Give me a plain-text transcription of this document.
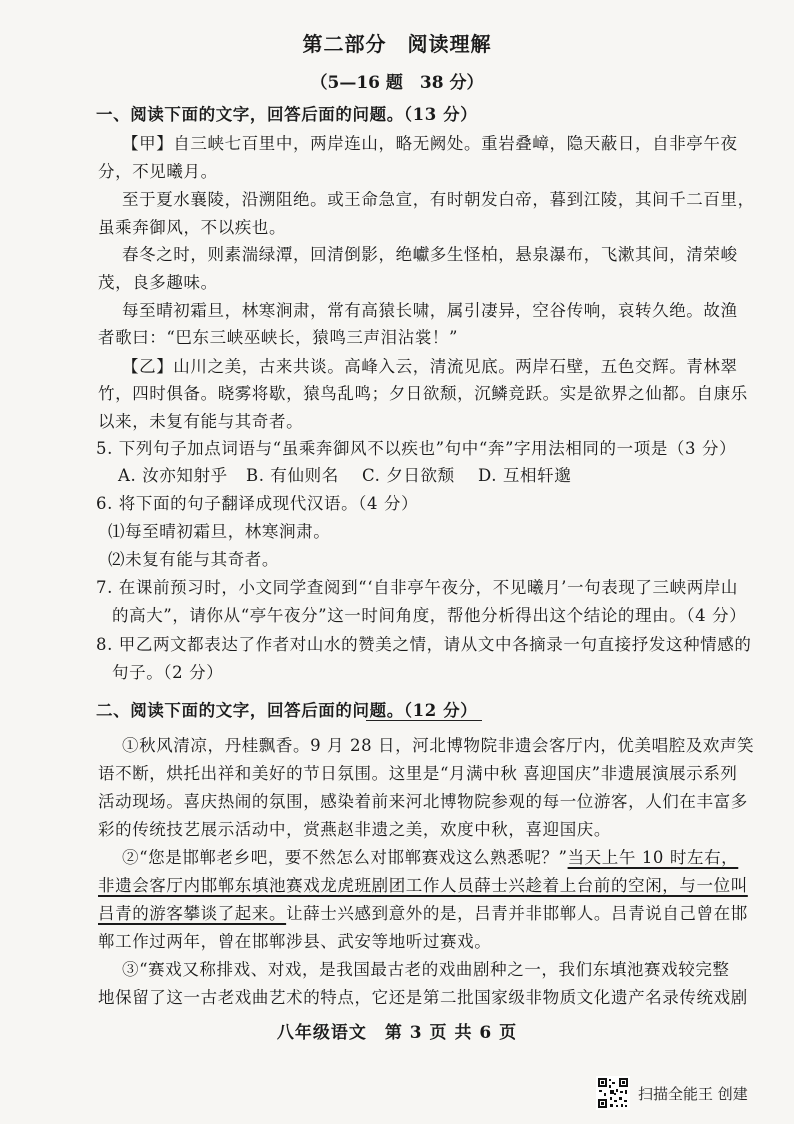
第二部分　阅读理解
（5—16 题　38 分）
一、阅读下面的文字，回答后面的问题。（13 分）
【甲】自三峡七百里中，两岸连山，略无阙处。重岩叠嶂，隐天蔽日，自非亭午夜
分，不见曦月。
至于夏水襄陵，沿溯阻绝。或王命急宣，有时朝发白帝，暮到江陵，其间千二百里，
虽乘奔御风，不以疾也。
春冬之时，则素湍绿潭，回清倒影，绝巘多生怪柏，悬泉瀑布，飞漱其间，清荣峻
茂，良多趣味。
每至晴初霜旦，林寒涧肃，常有高猿长啸，属引凄异，空谷传响，哀转久绝。故渔
者歌曰：“巴东三峡巫峡长，猿鸣三声泪沾裳！”
【乙】山川之美，古来共谈。高峰入云，清流见底。两岸石壁，五色交辉。青林翠
竹，四时俱备。晓雾将歇，猿鸟乱鸣；夕日欲颓，沉鳞竞跃。实是欲界之仙都。自康乐
以来，未复有能与其奇者。
5. 下列句子加点词语与“虽乘奔御风不以疾也”句中“奔”字用法相同的一项是（3 分）
A. 汝亦知射乎 B. 有仙则名 C. 夕日欲颓 D. 互相轩邈
6. 将下面的句子翻译成现代汉语。（4 分）
⑴每至晴初霜旦，林寒涧肃。
⑵未复有能与其奇者。
7. 在课前预习时，小文同学查阅到“‘自非亭午夜分，不见曦月’一句表现了三峡两岸山
的高大”，请你从“亭午夜分”这一时间角度，帮他分析得出这个结论的理由。（4 分）
8. 甲乙两文都表达了作者对山水的赞美之情，请从文中各摘录一句直接抒发这种情感的
句子。（2 分）
二、阅读下面的文字，回答后面的问题。（12 分）
①秋风清凉，丹桂飘香。9 月 28 日，河北博物院非遗会客厅内，优美唱腔及欢声笑
语不断，烘托出祥和美好的节日氛围。这里是“月满中秋 喜迎国庆”非遗展演展示系列
活动现场。喜庆热闹的氛围，感染着前来河北博物院参观的每一位游客，人们在丰富多
彩的传统技艺展示活动中，赏燕赵非遗之美，欢度中秋，喜迎国庆。
②“您是邯郸老乡吧，要不然怎么对邯郸赛戏这么熟悉呢？”当天上午 10 时左右，
非遗会客厅内邯郸东填池赛戏龙虎班剧团工作人员薛士兴趁着上台前的空闲，与一位叫
吕青的游客攀谈了起来。让薛士兴感到意外的是，吕青并非邯郸人。吕青说自己曾在邯
郸工作过两年，曾在邯郸涉县、武安等地听过赛戏。
③“赛戏又称排戏、对戏，是我国最古老的戏曲剧种之一，我们东填池赛戏较完整
地保留了这一古老戏曲艺术的特点，它还是第二批国家级非物质文化遗产名录传统戏剧
八年级语文　第 3 页 共 6 页
扫描全能王 创建
